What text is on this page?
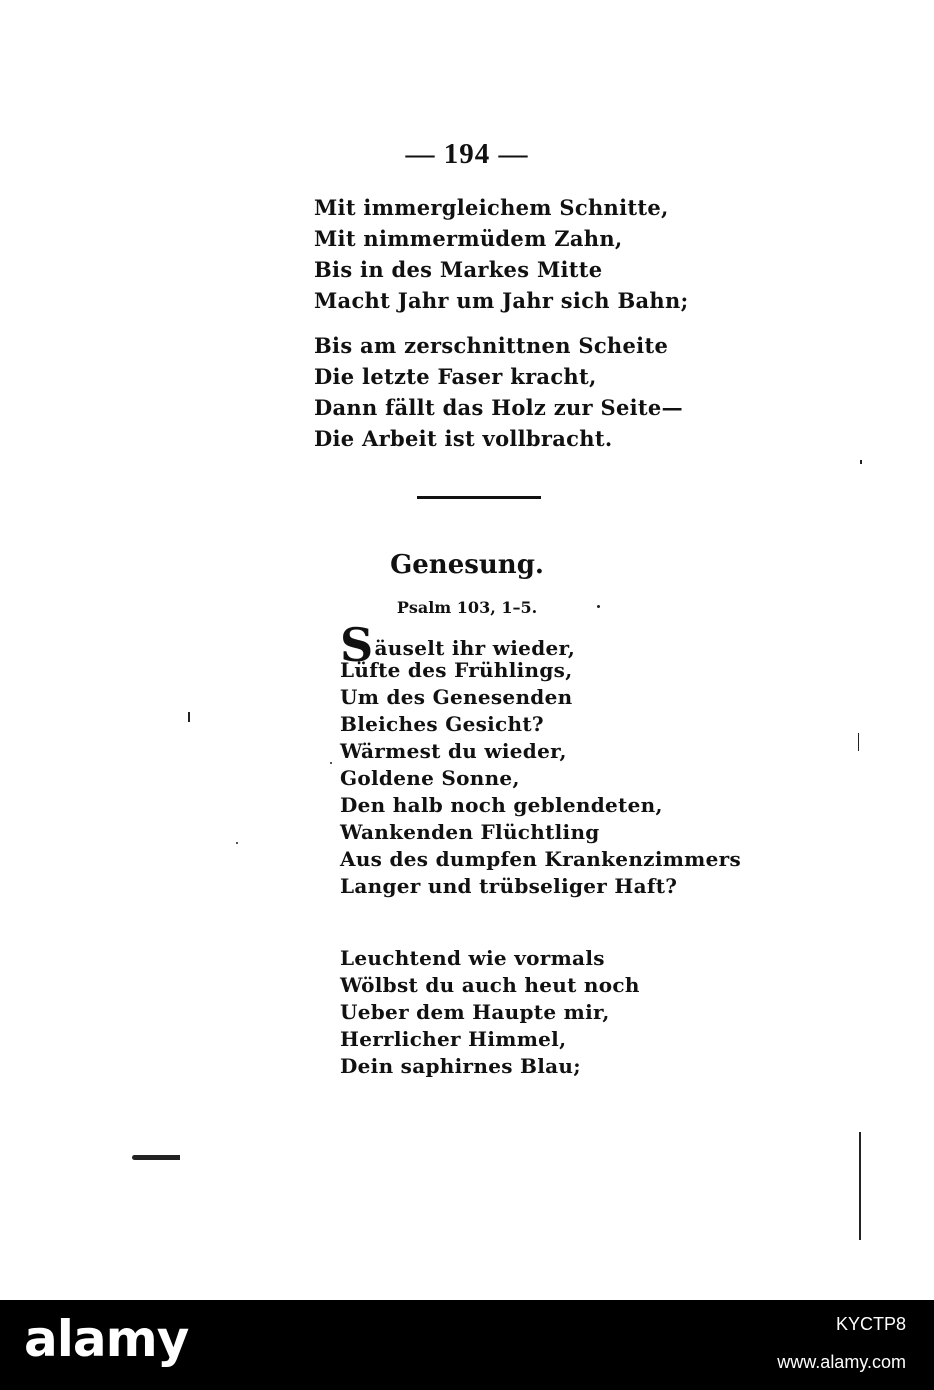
— 194 —
Mit immergleichem Schnitte,
Mit nimmermüdem Zahn,
Bis in des Markes Mitte
Macht Jahr um Jahr sich Bahn;
Bis am zerschnittnen Scheite
Die letzte Faser kracht,
Dann fällt das Holz zur Seite—
Die Arbeit ist vollbracht.
Genesung.
Psalm 103, 1–5.
Säuselt ihr wieder,
Lüfte des Frühlings,
Um des Genesenden
Bleiches Gesicht?
Wärmest du wieder,
Goldene Sonne,
Den halb noch geblendeten,
Wankenden Flüchtling
Aus des dumpfen Krankenzimmers
Langer und trübseliger Haft?
Leuchtend wie vormals
Wölbst du auch heut noch
Ueber dem Haupte mir,
Herrlicher Himmel,
Dein saphirnes Blau;
alamy	KYCTP8
www.alamy.com
